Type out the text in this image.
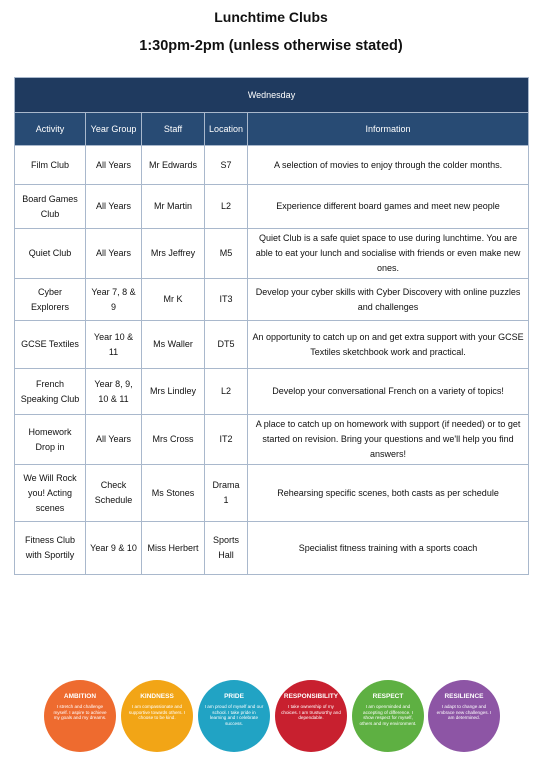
Lunchtime Clubs
1:30pm-2pm (unless otherwise stated)
Wednesday				
Activity	Year Group	Staff	Location	Information
Film Club	All Years	Mr Edwards	S7	A selection of movies to enjoy through the colder months.
Board Games Club	All Years	Mr Martin	L2	Experience different board games and meet new people
Quiet Club	All Years	Mrs Jeffrey	M5	Quiet Club is a safe quiet space to use during lunchtime. You are able to eat your lunch and socialise with friends or even make new ones.
Cyber Explorers	Year 7, 8 & 9	Mr K	IT3	Develop your cyber skills with Cyber Discovery with online puzzles and challenges
GCSE Textiles	Year 10 & 11	Ms Waller	DT5	An opportunity to catch up on and get extra support with your GCSE Textiles sketchbook work and practical.
French Speaking Club	Year 8, 9, 10 & 11	Mrs Lindley	L2	Develop your conversational French on a variety of topics!
Homework Drop in	All Years	Mrs Cross	IT2	A place to catch up on homework with support (if needed) or to get started on revision. Bring your questions and we'll help you find answers!
We Will Rock you! Acting scenes	Check Schedule	Ms Stones	Drama 1	Rehearsing specific scenes, both casts as per schedule
Fitness Club with Sportily	Year 9 & 10	Miss Herbert	Sports Hall	Specialist fitness training with a sports coach
AMBITION
I stretch and challenge myself. I aspire to achieve my goals and my dreams.
KINDNESS
I am compassionate and supportive towards others. I choose to be kind.
PRIDE
I am proud of myself and our school. I take pride in learning and I celebrate success.
RESPONSIBILITY
I take ownership of my choices. I am trustworthy and dependable.
RESPECT
I am openminded and accepting of difference. I show respect for myself, others and my environment.
RESILIENCE
I adapt to change and embrace new challenges. I am determined.
